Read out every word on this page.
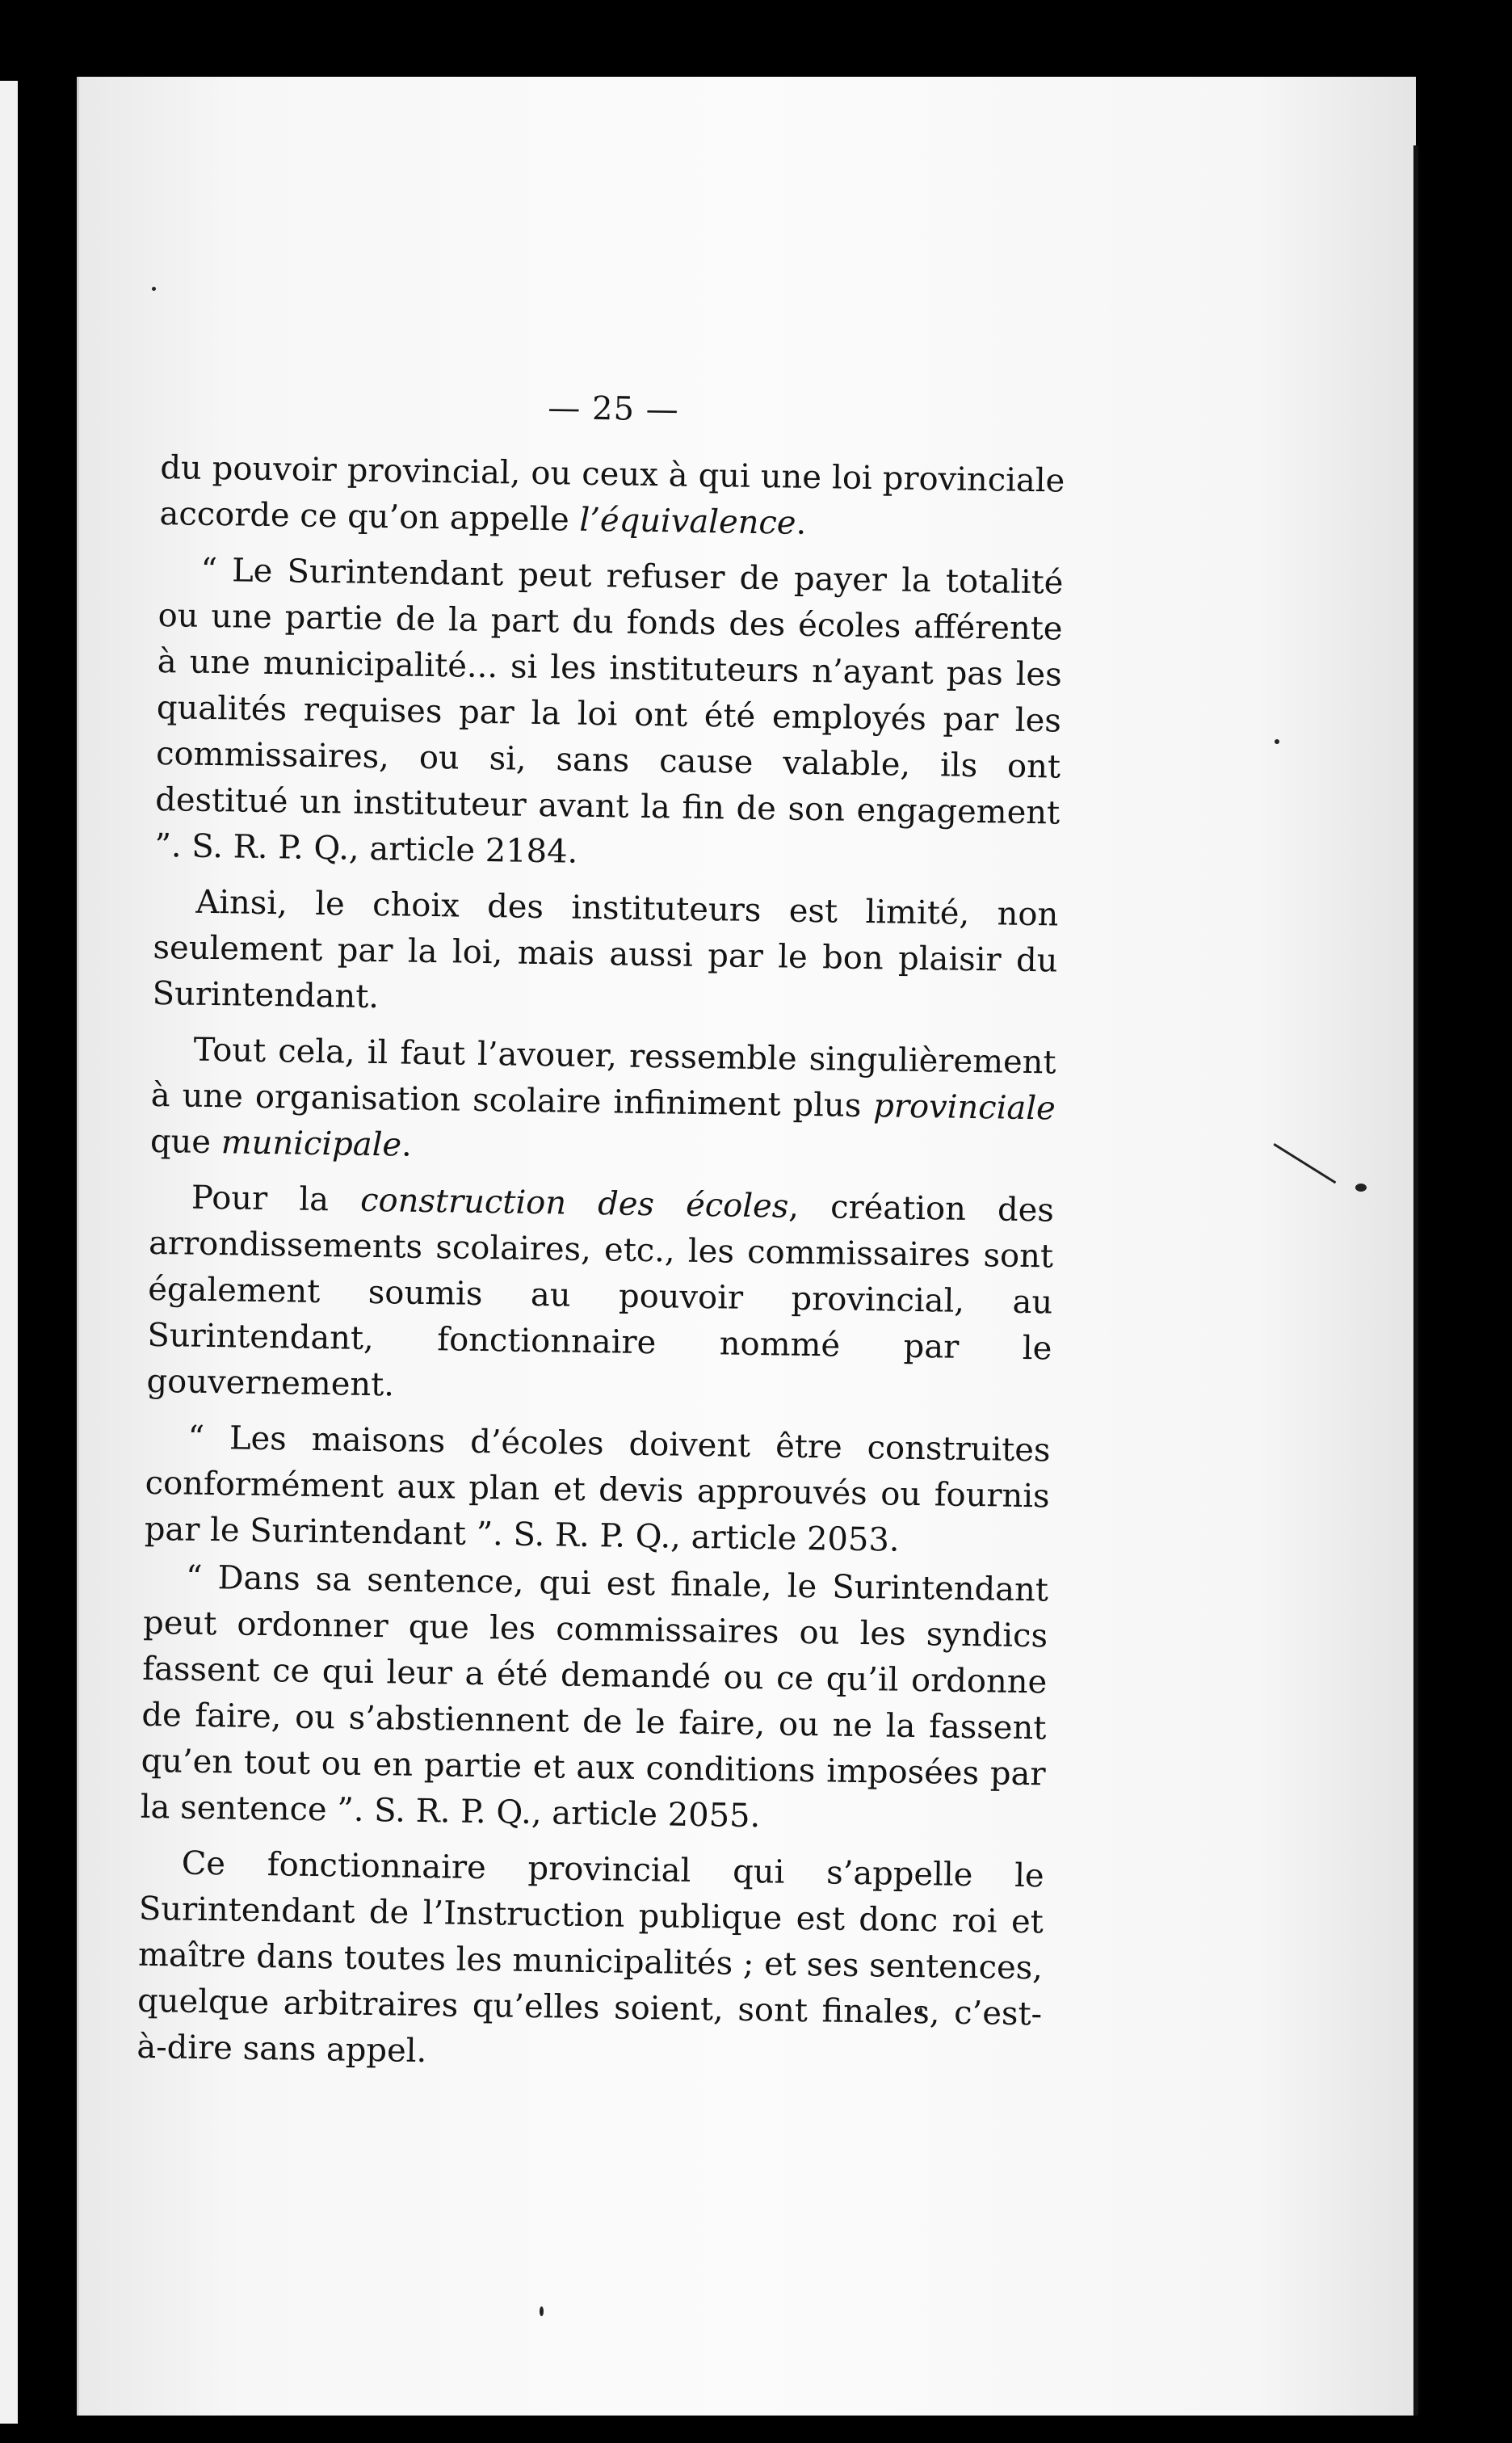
— 25 —

du pouvoir provincial, ou ceux à qui une loi provinciale accorde ce qu’on appelle l’équivalence.

“ Le Surintendant peut refuser de payer la totalité ou une partie de la part du fonds des écoles afférente à une municipalité... si les instituteurs n’ayant pas les qualités requises par la loi ont été employés par les commissaires, ou si, sans cause valable, ils ont destitué un instituteur avant la fin de son engagement ”. S. R. P. Q., article 2184.

Ainsi, le choix des instituteurs est limité, non seulement par la loi, mais aussi par le bon plaisir du Surintendant.

Tout cela, il faut l’avouer, ressemble singulièrement à une organisation scolaire infiniment plus provinciale que municipale.

Pour la construction des écoles, création des arrondissements scolaires, etc., les commissaires sont également soumis au pouvoir provincial, au Surintendant, fonctionnaire nommé par le gouvernement.

“ Les maisons d’écoles doivent être construites conformément aux plan et devis approuvés ou fournis par le Surintendant ”. S. R. P. Q., article 2053.

“ Dans sa sentence, qui est finale, le Surintendant peut ordonner que les commissaires ou les syndics fassent ce qui leur a été demandé ou ce qu’il ordonne de faire, ou s’abstiennent de le faire, ou ne la fassent qu’en tout ou en partie et aux conditions imposées par la sentence ”. S. R. P. Q., article 2055.

Ce fonctionnaire provincial qui s’appelle le Surintendant de l’Instruction publique est donc roi et maître dans toutes les municipalités ; et ses sentences, quelque arbitraires qu’elles soient, sont finales, c’est-à-dire sans appel.
